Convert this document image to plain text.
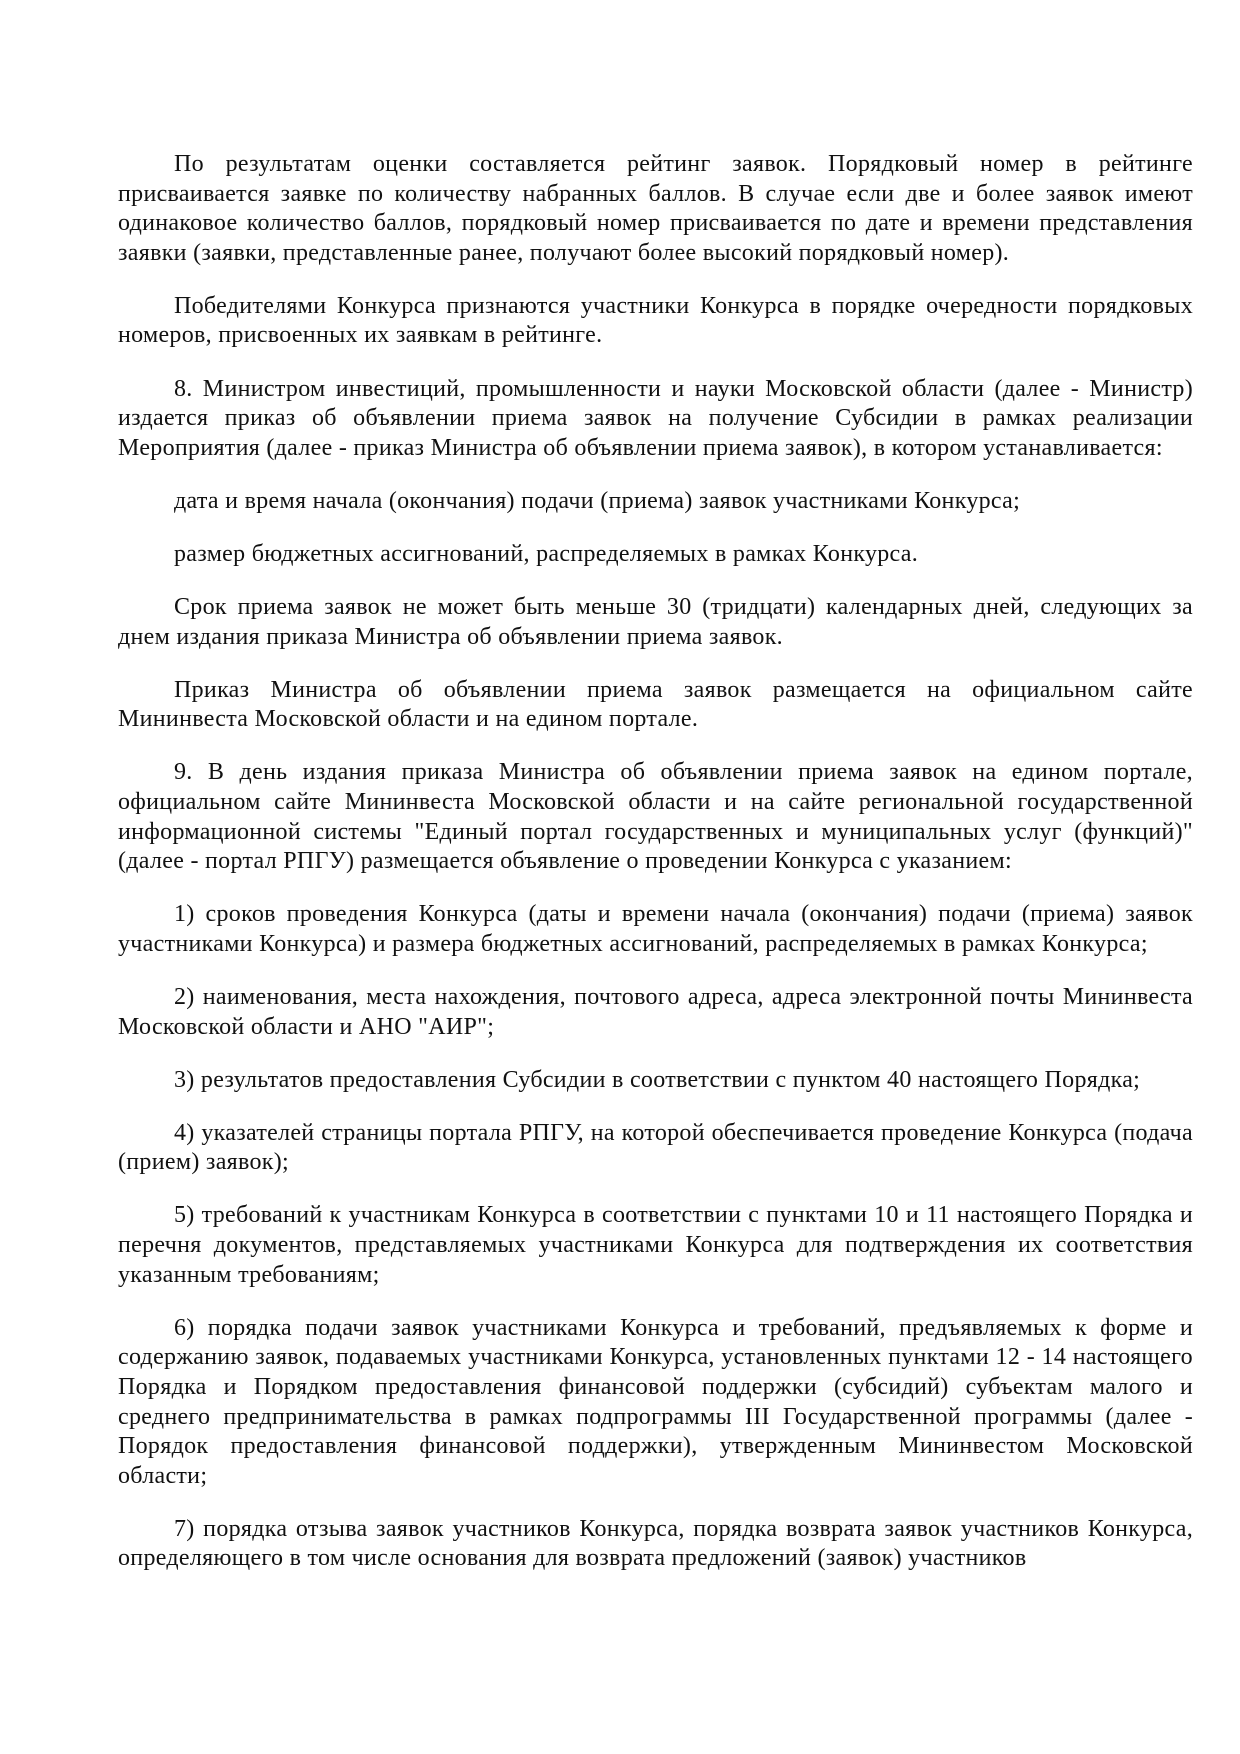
По результатам оценки составляется рейтинг заявок. Порядковый номер в рейтинге присваивается заявке по количеству набранных баллов. В случае если две и более заявок имеют одинаковое количество баллов, порядковый номер присваивается по дате и времени представления заявки (заявки, представленные ранее, получают более высокий порядковый номер).

Победителями Конкурса признаются участники Конкурса в порядке очередности порядковых номеров, присвоенных их заявкам в рейтинге.

8. Министром инвестиций, промышленности и науки Московской области (далее - Министр) издается приказ об объявлении приема заявок на получение Субсидии в рамках реализации Мероприятия (далее - приказ Министра об объявлении приема заявок), в котором устанавливается:

дата и время начала (окончания) подачи (приема) заявок участниками Конкурса;

размер бюджетных ассигнований, распределяемых в рамках Конкурса.

Срок приема заявок не может быть меньше 30 (тридцати) календарных дней, следующих за днем издания приказа Министра об объявлении приема заявок.

Приказ Министра об объявлении приема заявок размещается на официальном сайте Мининвеста Московской области и на едином портале.

9. В день издания приказа Министра об объявлении приема заявок на едином портале, официальном сайте Мининвеста Московской области и на сайте региональной государственной информационной системы "Единый портал государственных и муниципальных услуг (функций)" (далее - портал РПГУ) размещается объявление о проведении Конкурса с указанием:

1) сроков проведения Конкурса (даты и времени начала (окончания) подачи (приема) заявок участниками Конкурса) и размера бюджетных ассигнований, распределяемых в рамках Конкурса;

2) наименования, места нахождения, почтового адреса, адреса электронной почты Мининвеста Московской области и АНО "АИР";

3) результатов предоставления Субсидии в соответствии с пунктом 40 настоящего Порядка;

4) указателей страницы портала РПГУ, на которой обеспечивается проведение Конкурса (подача (прием) заявок);

5) требований к участникам Конкурса в соответствии с пунктами 10 и 11 настоящего Порядка и перечня документов, представляемых участниками Конкурса для подтверждения их соответствия указанным требованиям;

6) порядка подачи заявок участниками Конкурса и требований, предъявляемых к форме и содержанию заявок, подаваемых участниками Конкурса, установленных пунктами 12 - 14 настоящего Порядка и Порядком предоставления финансовой поддержки (субсидий) субъектам малого и среднего предпринимательства в рамках подпрограммы III Государственной программы (далее - Порядок предоставления финансовой поддержки), утвержденным Мининвестом Московской области;

7) порядка отзыва заявок участников Конкурса, порядка возврата заявок участников Конкурса, определяющего в том числе основания для возврата предложений (заявок) участников
